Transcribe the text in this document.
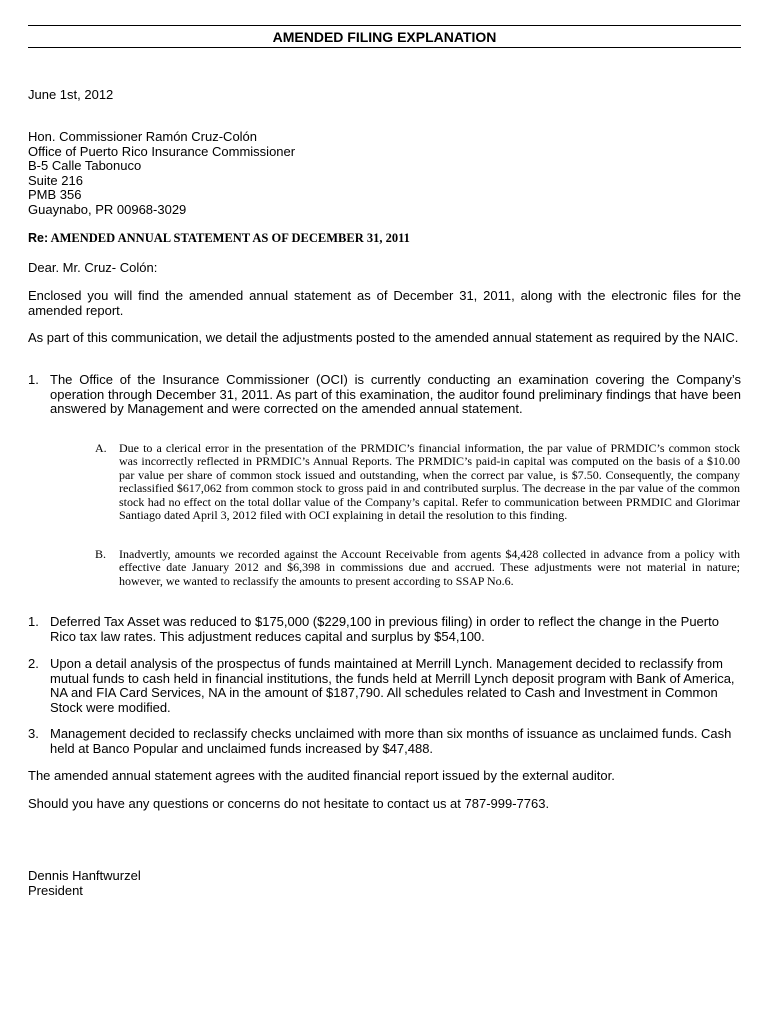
AMENDED FILING EXPLANATION
June 1st, 2012
Hon. Commissioner Ramón Cruz-Colón
Office of Puerto Rico Insurance Commissioner
B-5 Calle Tabonuco
Suite 216
PMB 356
Guaynabo, PR 00968-3029
Re: AMENDED ANNUAL STATEMENT AS OF DECEMBER 31, 2011
Dear. Mr. Cruz- Colón:
Enclosed you will find the amended annual statement as of December 31, 2011, along with the electronic files for the amended report.
As part of this communication, we detail the adjustments posted to the amended annual statement as required by the NAIC.
1. The Office of the Insurance Commissioner (OCI) is currently conducting an examination covering the Company’s operation through December 31, 2011. As part of this examination, the auditor found preliminary findings that have been answered by Management and were corrected on the amended annual statement.
A. Due to a clerical error in the presentation of the PRMDIC’s financial information, the par value of PRMDIC’s common stock was incorrectly reflected in PRMDIC’s Annual Reports. The PRMDIC’s paid-in capital was computed on the basis of a $10.00 par value per share of common stock issued and outstanding, when the correct par value, is $7.50. Consequently, the company reclassified $617,062 from common stock to gross paid in and contributed surplus. The decrease in the par value of the common stock had no effect on the total dollar value of the Company’s capital. Refer to communication between PRMDIC and Glorimar Santiago dated April 3, 2012 filed with OCI explaining in detail the resolution to this finding.
B. Inadvertly, amounts we recorded against the Account Receivable from agents $4,428 collected in advance from a policy with effective date January 2012 and $6,398 in commissions due and accrued. These adjustments were not material in nature; however, we wanted to reclassify the amounts to present according to SSAP No.6.
1. Deferred Tax Asset was reduced to $175,000 ($229,100 in previous filing) in order to reflect the change in the Puerto Rico tax law rates. This adjustment reduces capital and surplus by $54,100.
2. Upon a detail analysis of the prospectus of funds maintained at Merrill Lynch. Management decided to reclassify from mutual funds to cash held in financial institutions, the funds held at Merrill Lynch deposit program with Bank of America, NA and FIA Card Services, NA in the amount of $187,790. All schedules related to Cash and Investment in Common Stock were modified.
3. Management decided to reclassify checks unclaimed with more than six months of issuance as unclaimed funds. Cash held at Banco Popular and unclaimed funds increased by $47,488.
The amended annual statement agrees with the audited financial report issued by the external auditor.
Should you have any questions or concerns do not hesitate to contact us at 787-999-7763.
Dennis Hanftwurzel
President
